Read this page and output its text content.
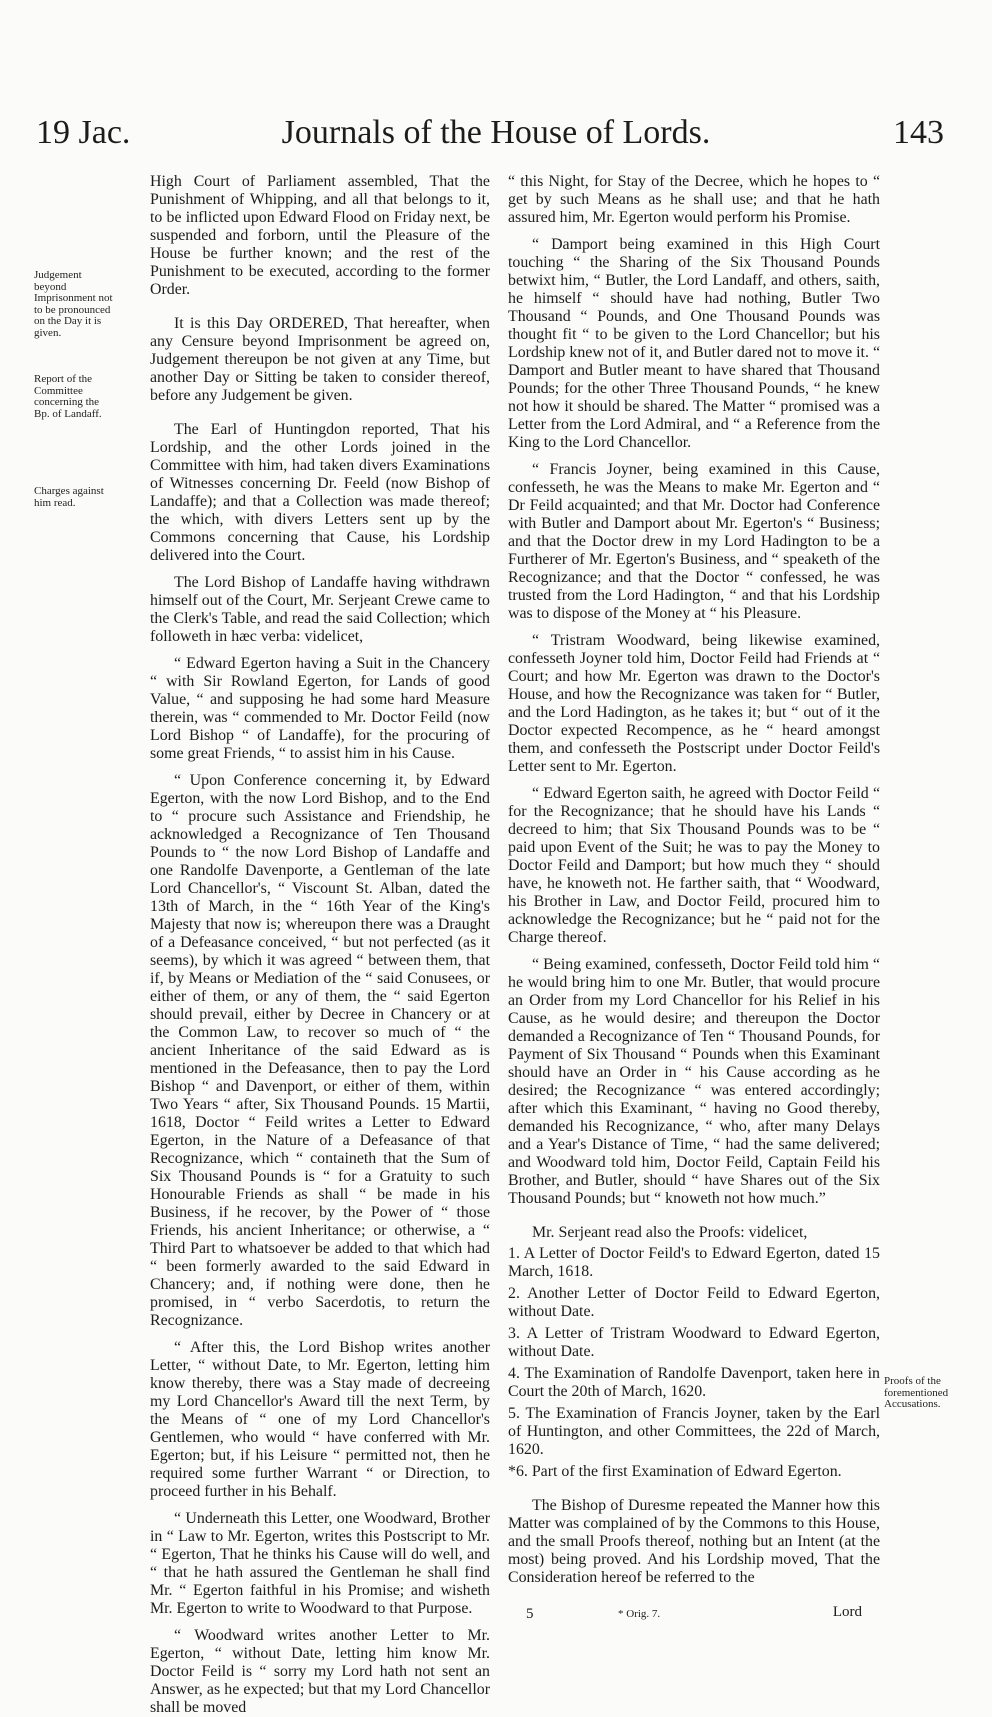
19 Jac.	Journals of the House of Lords.	143
Judgement beyond Imprisonment not to be pronounced on the Day it is given.
Report of the Committee concerning the Bp. of Landaff.
Charges against him read.
Proofs of the forementioned Accusations.

High Court of Parliament assembled, That the Punishment of Whipping, and all that belongs to it, to be inflicted upon Edward Flood on Friday next, be suspended and forborn, until the Pleasure of the House be further known; and the rest of the Punishment to be executed, according to the former Order.

It is this Day ORDERED, That hereafter, when any Censure beyond Imprisonment be agreed on, Judgement thereupon be not given at any Time, but another Day or Sitting be taken to consider thereof, before any Judgement be given.

The Earl of Huntingdon reported, That his Lordship, and the other Lords joined in the Committee with him, had taken divers Examinations of Witnesses concerning Dr. Feeld (now Bishop of Landaffe); and that a Collection was made thereof; the which, with divers Letters sent up by the Commons concerning that Cause, his Lordship delivered into the Court.

The Lord Bishop of Landaffe having withdrawn himself out of the Court, Mr. Serjeant Crewe came to the Clerk's Table, and read the said Collection; which followeth in hæc verba: videlicet,

“ Edward Egerton having a Suit in the Chancery “ with Sir Rowland Egerton, for Lands of good Value, “ and supposing he had some hard Measure therein, was “ commended to Mr. Doctor Feild (now Lord Bishop “ of Landaffe), for the procuring of some great Friends, “ to assist him in his Cause.

“ Upon Conference concerning it, by Edward Egerton, with the now Lord Bishop, and to the End to “ procure such Assistance and Friendship, he acknowledged a Recognizance of Ten Thousand Pounds to “ the now Lord Bishop of Landaffe and one Randolfe Davenporte, a Gentleman of the late Lord Chancellor's, “ Viscount St. Alban, dated the 13th of March, in the “ 16th Year of the King's Majesty that now is; whereupon there was a Draught of a Defeasance conceived, “ but not perfected (as it seems), by which it was agreed “ between them, that if, by Means or Mediation of the “ said Conusees, or either of them, or any of them, the “ said Egerton should prevail, either by Decree in Chancery or at the Common Law, to recover so much of “ the ancient Inheritance of the said Edward as is mentioned in the Defeasance, then to pay the Lord Bishop “ and Davenport, or either of them, within Two Years “ after, Six Thousand Pounds. 15 Martii, 1618, Doctor “ Feild writes a Letter to Edward Egerton, in the Nature of a Defeasance of that Recognizance, which “ containeth that the Sum of Six Thousand Pounds is “ for a Gratuity to such Honourable Friends as shall “ be made in his Business, if he recover, by the Power of “ those Friends, his ancient Inheritance; or otherwise, a “ Third Part to whatsoever be added to that which had “ been formerly awarded to the said Edward in Chancery; and, if nothing were done, then he promised, in “ verbo Sacerdotis, to return the Recognizance.

“ After this, the Lord Bishop writes another Letter, “ without Date, to Mr. Egerton, letting him know thereby, there was a Stay made of decreeing my Lord Chancellor's Award till the next Term, by the Means of “ one of my Lord Chancellor's Gentlemen, who would “ have conferred with Mr. Egerton; but, if his Leisure “ permitted not, then he required some further Warrant “ or Direction, to proceed further in his Behalf.

“ Underneath this Letter, one Woodward, Brother in “ Law to Mr. Egerton, writes this Postscript to Mr. “ Egerton, That he thinks his Cause will do well, and “ that he hath assured the Gentleman he shall find Mr. “ Egerton faithful in his Promise; and wisheth Mr. Egerton to write to Woodward to that Purpose.

“ Woodward writes another Letter to Mr. Egerton, “ without Date, letting him know Mr. Doctor Feild is “ sorry my Lord hath not sent an Answer, as he expected; but that my Lord Chancellor shall be moved

“ this Night, for Stay of the Decree, which he hopes to “ get by such Means as he shall use; and that he hath assured him, Mr. Egerton would perform his Promise.

“ Damport being examined in this High Court touching “ the Sharing of the Six Thousand Pounds betwixt him, “ Butler, the Lord Landaff, and others, saith, he himself “ should have had nothing, Butler Two Thousand “ Pounds, and One Thousand Pounds was thought fit “ to be given to the Lord Chancellor; but his Lordship knew not of it, and Butler dared not to move it. “ Damport and Butler meant to have shared that Thousand Pounds; for the other Three Thousand Pounds, “ he knew not how it should be shared. The Matter “ promised was a Letter from the Lord Admiral, and “ a Reference from the King to the Lord Chancellor.

“ Francis Joyner, being examined in this Cause, confesseth, he was the Means to make Mr. Egerton and “ Dr Feild acquainted; and that Mr. Doctor had Conference with Butler and Damport about Mr. Egerton's “ Business; and that the Doctor drew in my Lord Hadington to be a Furtherer of Mr. Egerton's Business, and “ speaketh of the Recognizance; and that the Doctor “ confessed, he was trusted from the Lord Hadington, “ and that his Lordship was to dispose of the Money at “ his Pleasure.

“ Tristram Woodward, being likewise examined, confesseth Joyner told him, Doctor Feild had Friends at “ Court; and how Mr. Egerton was drawn to the Doctor's House, and how the Recognizance was taken for “ Butler, and the Lord Hadington, as he takes it; but “ out of it the Doctor expected Recompence, as he “ heard amongst them, and confesseth the Postscript under Doctor Feild's Letter sent to Mr. Egerton.

“ Edward Egerton saith, he agreed with Doctor Feild “ for the Recognizance; that he should have his Lands “ decreed to him; that Six Thousand Pounds was to be “ paid upon Event of the Suit; he was to pay the Money to Doctor Feild and Damport; but how much they “ should have, he knoweth not. He farther saith, that “ Woodward, his Brother in Law, and Doctor Feild, procured him to acknowledge the Recognizance; but he “ paid not for the Charge thereof.

“ Being examined, confesseth, Doctor Feild told him “ he would bring him to one Mr. Butler, that would procure an Order from my Lord Chancellor for his Relief in his Cause, as he would desire; and thereupon the Doctor demanded a Recognizance of Ten “ Thousand Pounds, for Payment of Six Thousand “ Pounds when this Examinant should have an Order in “ his Cause according as he desired; the Recognizance “ was entered accordingly; after which this Examinant, “ having no Good thereby, demanded his Recognizance, “ who, after many Delays and a Year's Distance of Time, “ had the same delivered; and Woodward told him, Doctor Feild, Captain Feild his Brother, and Butler, should “ have Shares out of the Six Thousand Pounds; but “ knoweth not how much.”

Mr. Serjeant read also the Proofs: videlicet,

1. A Letter of Doctor Feild's to Edward Egerton, dated 15 March, 1618.

2. Another Letter of Doctor Feild to Edward Egerton, without Date.

3. A Letter of Tristram Woodward to Edward Egerton, without Date.

4. The Examination of Randolfe Davenport, taken here in Court the 20th of March, 1620.

5. The Examination of Francis Joyner, taken by the Earl of Huntington, and other Committees, the 22d of March, 1620.

*6. Part of the first Examination of Edward Egerton.

The Bishop of Duresme repeated the Manner how this Matter was complained of by the Commons to this House, and the small Proofs thereof, nothing but an Intent (at the most) being proved. And his Lordship moved, That the Consideration hereof be referred to the

5	* Orig. 7.	Lord
